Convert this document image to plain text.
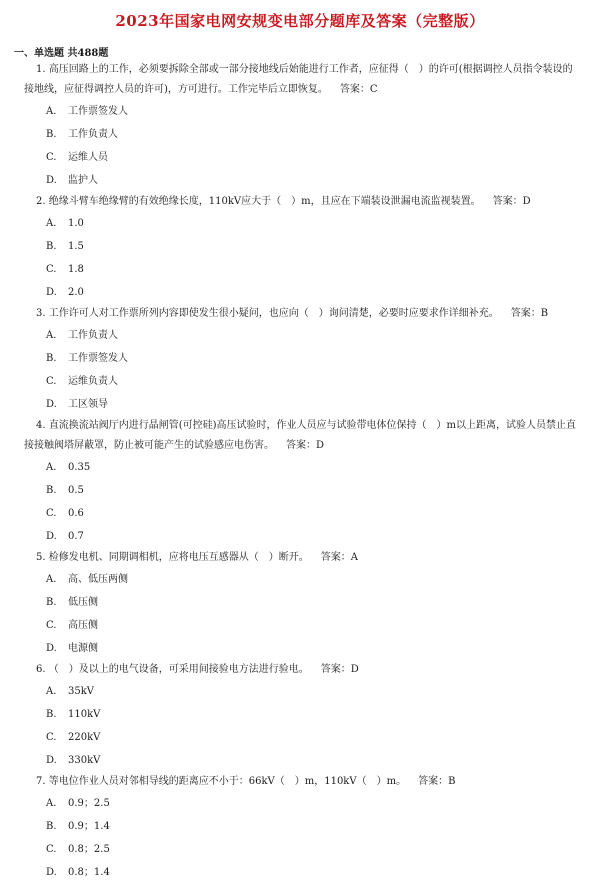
2023年国家电网安规变电部分题库及答案（完整版）
一、单选题 共488题
1. 高压回路上的工作，必须要拆除全部或一部分接地线后始能进行工作者，应征得（　）的许可(根据调控人员指令装设的
接地线，应征得调控人员的许可)，方可进行。工作完毕后立即恢复。 答案：C
A. 工作票签发人
B. 工作负责人
C. 运维人员
D. 监护人
2. 绝缘斗臂车绝缘臂的有效绝缘长度，110kV应大于（　）m，且应在下端装设泄漏电流监视装置。 答案：D
A. 1.0
B. 1.5
C. 1.8
D. 2.0
3. 工作许可人对工作票所列内容即使发生很小疑问，也应向（　）询问清楚，必要时应要求作详细补充。 答案：B
A. 工作负责人
B. 工作票签发人
C. 运维负责人
D. 工区领导
4. 直流换流站阀厅内进行晶闸管(可控硅)高压试验时，作业人员应与试验带电体位保持（　）m以上距离，试验人员禁止直
接接触阀塔屏蔽罩，防止被可能产生的试验感应电伤害。 答案：D
A. 0.35
B. 0.5
C. 0.6
D. 0.7
5. 检修发电机、同期调相机，应将电压互感器从（　）断开。 答案：A
A. 高、低压两侧
B. 低压侧
C. 高压侧
D. 电源侧
6. （　）及以上的电气设备，可采用间接验电方法进行验电。 答案：D
A. 35kV
B. 110kV
C. 220kV
D. 330kV
7. 等电位作业人员对邻相导线的距离应不小于：66kV（　）m，110kV（　）m。 答案：B
A. 0.9；2.5
B. 0.9；1.4
C. 0.8；2.5
D. 0.8；1.4
